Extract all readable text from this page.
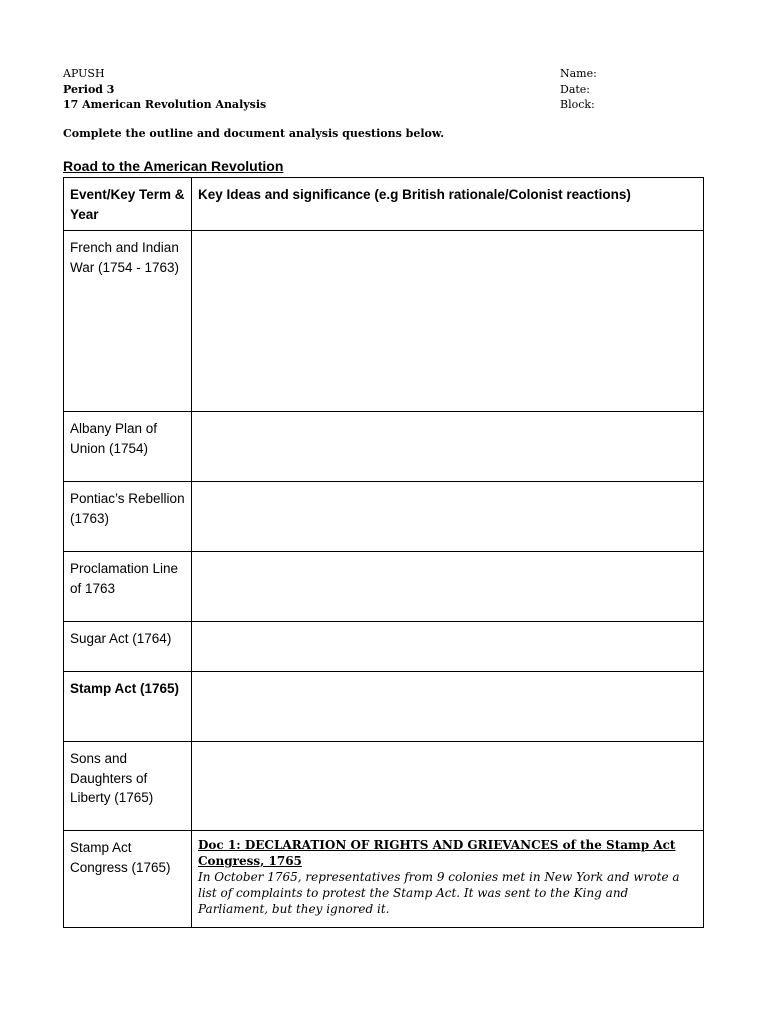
APUSH
Period 3
17 American Revolution Analysis
Name:
Date:
Block:
Complete the outline and document analysis questions below.
Road to the American Revolution
Event/Key Term & Year	Key Ideas and significance (e.g British rationale/Colonist reactions)

French and Indian War (1754 - 1763)	

Albany Plan of Union (1754)	

Pontiac’s Rebellion (1763)	

Proclamation Line of 1763	

Sugar Act (1764)	

Stamp Act (1765)	

Sons and Daughters of Liberty (1765)	

Stamp Act Congress (1765)	Doc 1: DECLARATION OF RIGHTS AND GRIEVANCES of the Stamp Act Congress, 1765
In October 1765, representatives from 9 colonies met in New York and wrote a list of complaints to protest the Stamp Act. It was sent to the King and Parliament, but they ignored it.
